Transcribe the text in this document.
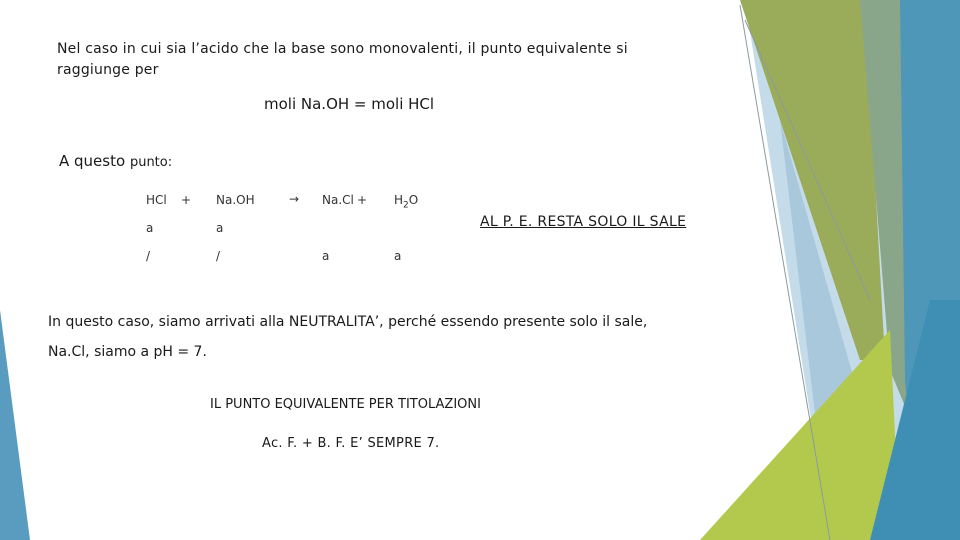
Nel caso in cui sia l’acido che la base sono monovalenti, il punto equivalente si raggiunge per
moli Na.OH = moli HCl
A questo punto:
HCl + Na.OH	→ $Na.Cl + H_2O$
a	a
/	/	a	a
AL P. E. RESTA SOLO IL SALE
In questo caso, siamo arrivati alla NEUTRALITA’, perché essendo presente solo il sale,
Na.Cl, siamo a pH = 7.
IL PUNTO EQUIVALENTE PER TITOLAZIONI
Ac. F. + B. F. E’ SEMPRE 7.
